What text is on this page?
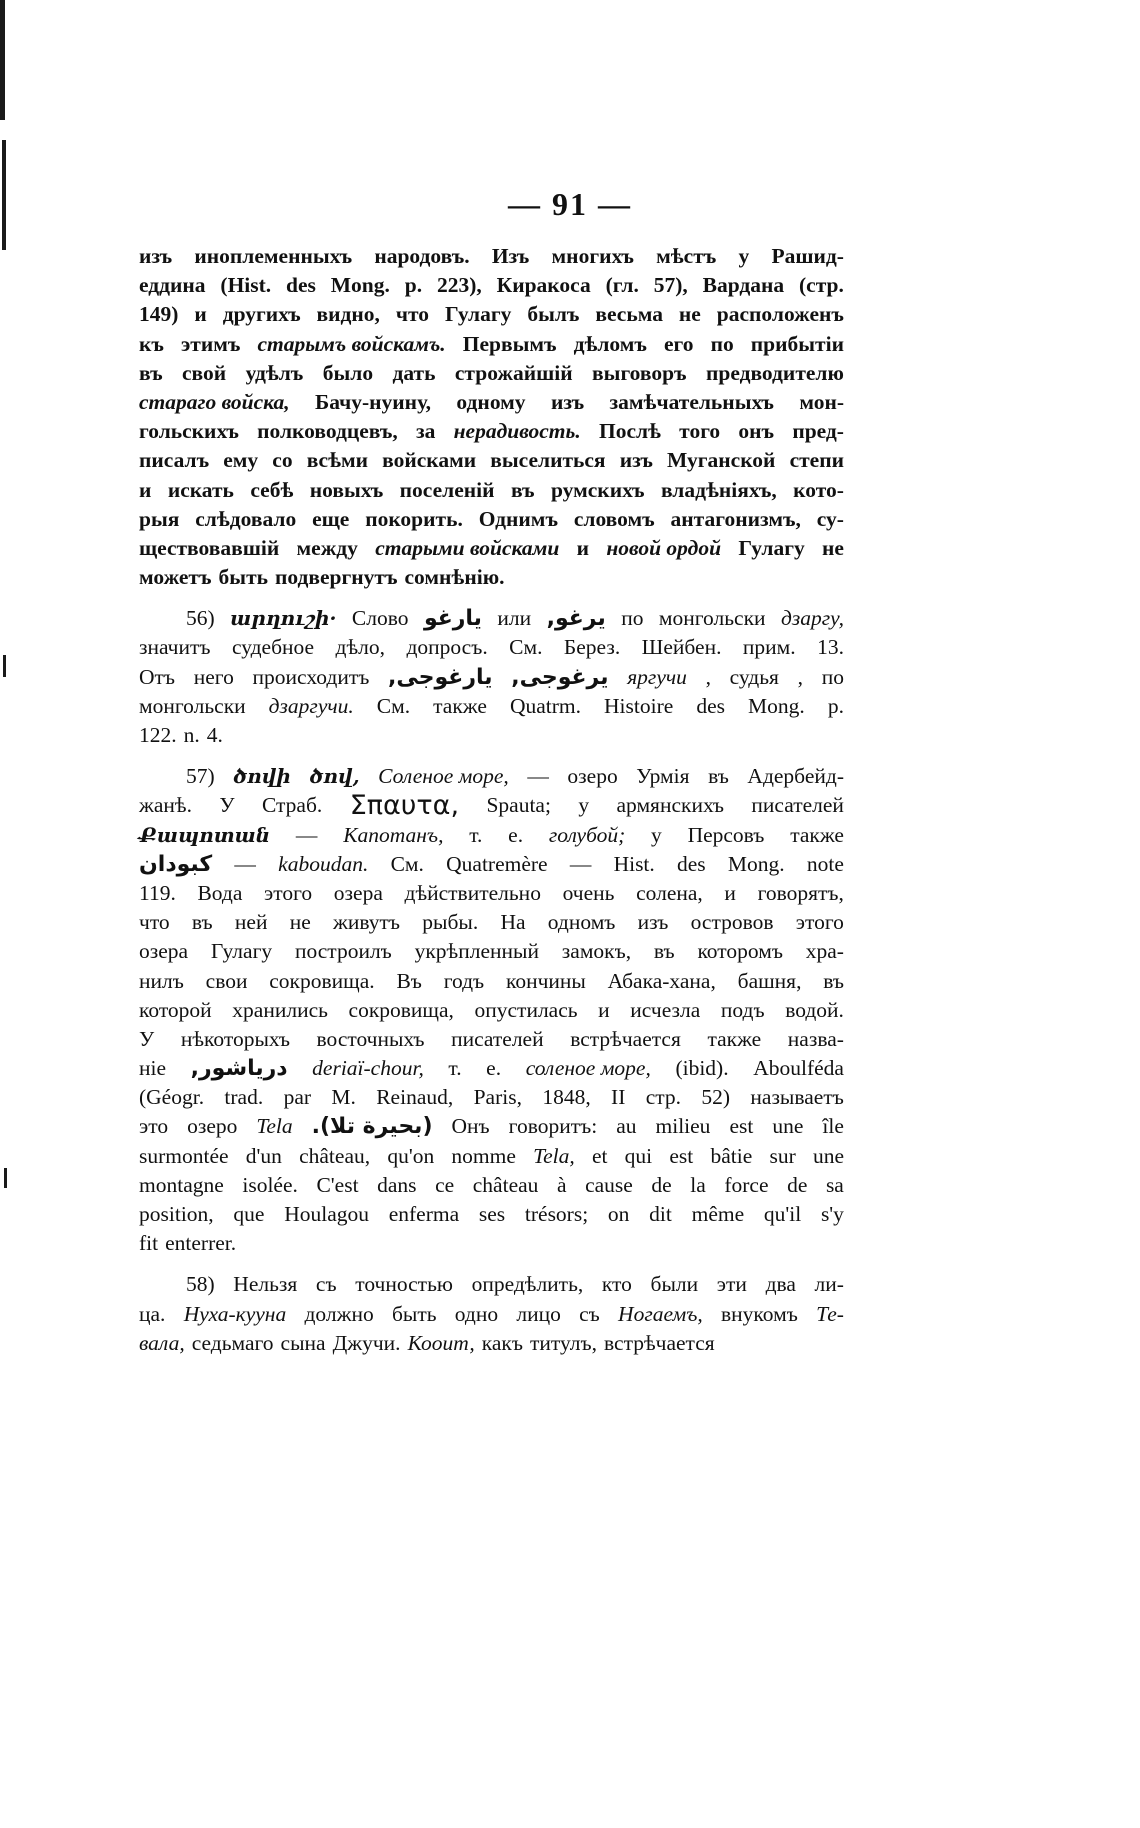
— 91 —
изъ иноплеменныхъ народовъ. Изъ многихъ мѣстъ у Рашид-
еддина (Hist. des Mong. p. 223), Киракоса (гл. 57), Вардана (стр.
149) и другихъ видно, что Гулагу былъ весьма не расположенъ
къ этимъ старымъ войскамъ. Первымъ дѣломъ его по прибытіи
въ свой удѣлъ было дать строжайшій выговоръ предводителю
стараго войска, Бачу-нуину, одному изъ замѣчательныхъ мон-
гольскихъ полководцевъ, за нерадивость. Послѣ того онъ пред-
писалъ ему со всѣми войсками выселиться изъ Муганской степи
и искать себѣ новыхъ поселеній въ румскихъ владѣніяхъ, кото-
рыя слѣдовало еще покорить. Однимъ словомъ антагонизмъ, су-
ществовавшій между старыми войсками и новой ордой Гулагу не
можетъ быть подвергнутъ сомнѣнію.
56) արղուշի· Слово يارغو или يرغو, по монгольски дзаргу,
значитъ судебное дѣло, допросъ. См. Берез. Шейбен. прим. 13.
Отъ него происходитъ يارغوجى, يرغوجى, яргучи , судья , по
монгольски дзаргучи. См. также Quatrm. Histoire des Mong. p.
122. n. 4.
57) ծովի ծով, Соленое море, — озеро Урмія въ Адербейд-
жанѣ. У Страб. Σπαυτα, Spauta; у армянскихъ писателей
Քապոտան — Капотанъ, т. е. голубой; у Персовъ также
كبودان — kaboudan. См. Quatremère — Hist. des Mong. note
119. Вода этого озера дѣйствительно очень солена, и говорятъ,
что въ ней не живутъ рыбы. На одномъ изъ островов этого
озера Гулагу построилъ укрѣпленный замокъ, въ которомъ хра-
нилъ свои сокровища. Въ годъ кончины Абака-хана, башня, въ
которой хранились сокровища, опустилась и исчезла подъ водой.
У нѣкоторыхъ восточныхъ писателей встрѣчается также назва-
ніе درياشور, deriaï-chour, т. е. соленое море, (ibid). Aboulféda
(Géogr. trad. par M. Reinaud, Paris, 1848, II стр. 52) называетъ
это озеро Tela (بحيرة تلا). Онъ говоритъ: au milieu est une île
surmontée d'un château, qu'on nomme Tela, et qui est bâtie sur une
montagne isolée. C'est dans ce château à cause de la force de sa
position, que Houlagou enferma ses trésors; on dit même qu'il s'y
fit enterrer.
58) Нельзя съ точностью опредѣлить, кто были эти два ли-
ца. Нуха-кууна должно быть одно лицо съ Ногаемъ, внукомъ Те-
вала, седьмаго сына Джучи. Кооит, какъ титулъ, встрѣчается
